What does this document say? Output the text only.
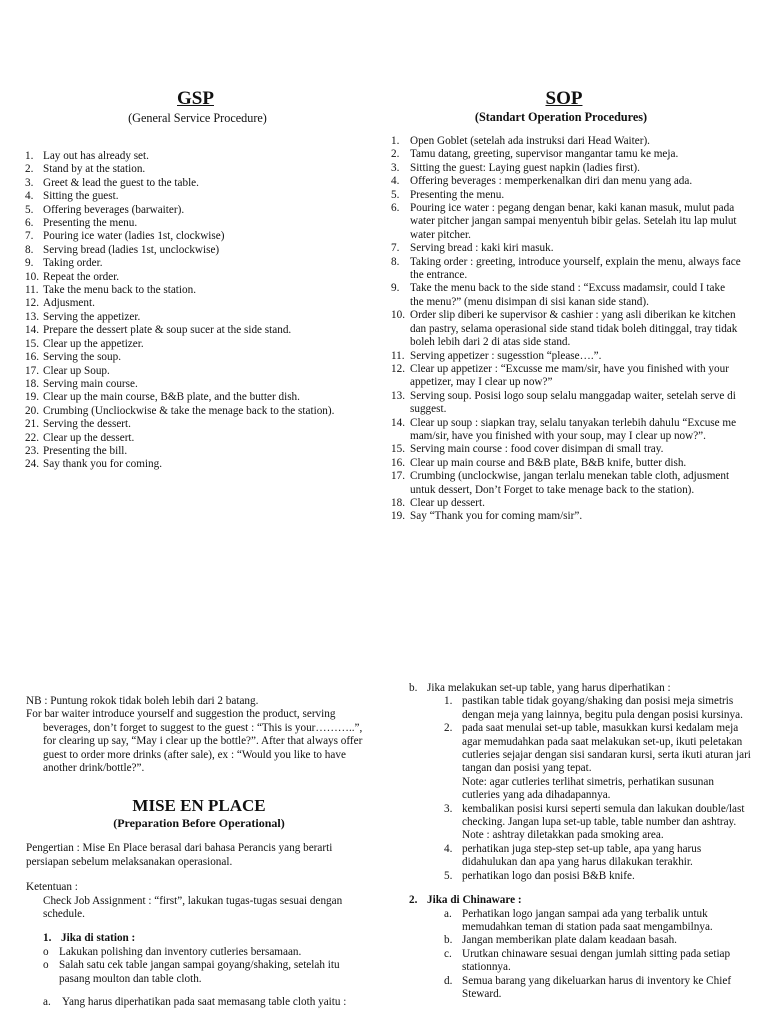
GSP
(General Service Procedure)
1. Lay out has already set.
2. Stand by at the station.
3. Greet & lead the guest to the table.
4. Sitting the guest.
5. Offering beverages (barwaiter).
6. Presenting the menu.
7. Pouring ice water (ladies 1st, clockwise)
8. Serving bread (ladies 1st, unclockwise)
9. Taking order.
10. Repeat the order.
11. Take the menu back to the station.
12. Adjusment.
13. Serving the appetizer.
14. Prepare the dessert plate & soup sucer at the side stand.
15. Clear up the appetizer.
16. Serving the soup.
17. Clear up Soup.
18. Serving main course.
19. Clear up the main course, B&B plate, and the butter dish.
20. Crumbing (Uncliockwise & take the menage back to the station).
21. Serving the dessert.
22. Clear up the dessert.
23. Presenting the bill.
24. Say thank you for coming.
SOP
(Standart Operation Procedures)
1. Open Goblet (setelah ada instruksi dari Head Waiter).
2. Tamu datang, greeting, supervisor mangantar tamu ke meja.
3. Sitting the guest: Laying guest napkin (ladies first).
4. Offering beverages : memperkenalkan diri dan menu yang ada.
5. Presenting the menu.
6. Pouring ice water : pegang dengan benar, kaki kanan masuk, mulut pada water pitcher jangan sampai menyentuh bibir gelas. Setelah itu lap mulut water pitcher.
7. Serving bread : kaki kiri masuk.
8. Taking order : greeting, introduce yourself, explain the menu, always face the entrance.
9. Take the menu back to the side stand : “Excuss madamsir, could I take the menu?” (menu disimpan di sisi kanan side stand).
10. Order slip diberi ke supervisor & cashier : yang asli diberikan ke kitchen dan pastry, selama operasional side stand tidak boleh ditinggal, tray tidak boleh lebih dari 2 di atas side stand.
11. Serving appetizer : sugesstion “please….”.
12. Clear up appetizer : “Excusse me mam/sir, have you finished with your appetizer, may I clear up now?”
13. Serving soup. Posisi logo soup selalu manggadap waiter, setelah serve di suggest.
14. Clear up soup : siapkan tray, selalu tanyakan terlebih dahulu “Excuse me mam/sir, have you finished with your soup, may I clear up now?”.
15. Serving main course : food cover disimpan di small tray.
16. Clear up main course and B&B plate, B&B knife, butter dish.
17. Crumbing (unclockwise, jangan terlalu menekan table cloth, adjusment untuk dessert, Don’t Forget to take menage back to the station).
18. Clear up dessert.
19. Say “Thank you for coming mam/sir”.

NB : Puntung rokok tidak boleh lebih dari 2 batang.

For bar waiter introduce yourself and suggestion the product, serving beverages, don’t forget to suggest to the guest : “This is your………..”, for clearing up say, “May i clear up the bottle?”. After that always offer guest to order more drinks (after sale), ex : “Would you like to have another drink/bottle?”.

MISE EN PLACE
(Preparation Before Operational)

Pengertian : Mise En Place berasal dari bahasa Perancis yang berarti persiapan sebelum melaksanakan operasional.

Ketentuan :

Check Job Assignment : “first”, lakukan tugas-tugas sesuai dengan schedule.

1. Jika di station :
o Lakukan polishing dan inventory cutleries bersamaan.
o Salah satu cek table jangan sampai goyang/shaking, setelah itu pasang moulton dan table cloth.
a. Yang harus diperhatikan pada saat memasang table cloth yaitu :
b. Jika melakukan set-up table, yang harus diperhatikan :
1. pastikan table tidak goyang/shaking dan posisi meja simetris dengan meja yang lainnya, begitu pula dengan posisi kursinya.
2. pada saat menulai set-up table, masukkan kursi kedalam meja agar memudahkan pada saat melakukan set-up, ikuti peletakan cutleries sejajar dengan sisi sandaran kursi, serta ikuti aturan jari tangan dan posisi yang tepat.
Note: agar cutleries terlihat simetris, perhatikan susunan cutleries yang ada dihadapannya.
3. kembalikan posisi kursi seperti semula dan lakukan double/last checking. Jangan lupa set-up table, table number dan ashtray.
Note : ashtray diletakkan pada smoking area.
4. perhatikan juga step-step set-up table, apa yang harus didahulukan dan apa yang harus dilakukan terakhir.
5. perhatikan logo dan posisi B&B knife.
2. Jika di Chinaware :
a. Perhatikan logo jangan sampai ada yang terbalik untuk memudahkan teman di station pada saat mengambilnya.
b. Jangan memberikan plate dalam keadaan basah.
c. Urutkan chinaware sesuai dengan jumlah sitting pada setiap stationnya.
d. Semua barang yang dikeluarkan harus di inventory ke Chief Steward.
